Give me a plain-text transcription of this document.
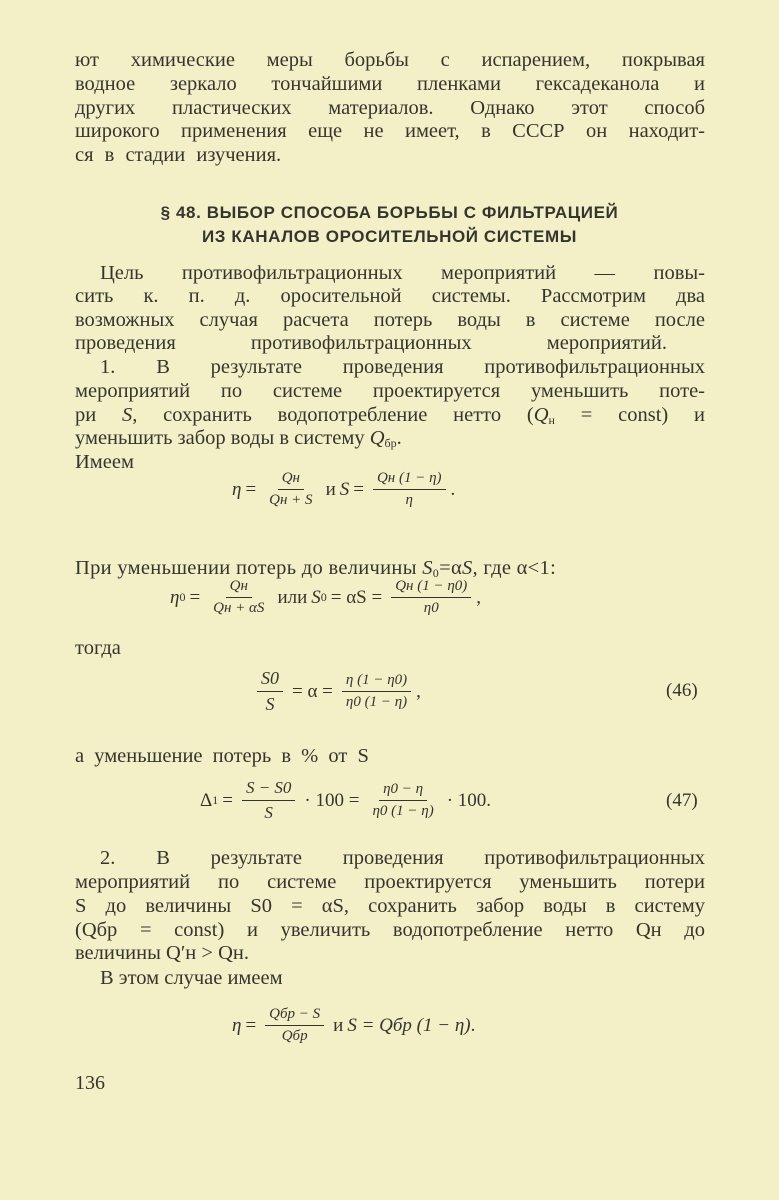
ют химические меры борьбы с испарением, покрывая
водное зеркало тончайшими пленками гексадеканола и
других пластических материалов. Однако этот способ
широкого применения еще не имеет, в СССР он находит-
ся в стадии изучения.
§ 48. ВЫБОР СПОСОБА БОРЬБЫ С ФИЛЬТРАЦИЕЙ
ИЗ КАНАЛОВ ОРОСИТЕЛЬНОЙ СИСТЕМЫ
Цель противофильтрационных мероприятий — повы-
сить к. п. д. оросительной системы. Рассмотрим два
возможных случая расчета потерь воды в системе после
проведения противофильтрационных мероприятий.
1. В результате проведения противофильтрационных
мероприятий по системе проектируется уменьшить поте-
ри S, сохранить водопотребление нетто ($Q_н$ = const) и
уменьшить забор воды в систему $Q_{бр}$.
Имеем
$\eta = \frac{Qн}{Qн + S}$ и $S = \frac{Qн (1 - \eta)}{\eta}$ .
При уменьшении потерь до величины $S_0=\alpha S$, где α<1:
η $0 = \frac{Qн}{Qн + \alpha S}$ или S $0 = \alpha S = \frac{Qн (1 - \eta 0)}{\eta 0}$ ,
тогда
$\frac{S0}{S} = \alpha = \frac{\eta (1 - \eta 0)}{\eta 0 (1 - \eta)}$ ,	(46)
а уменьшение потерь в % от S
Δ $1 = \frac{S - S0}{S} \cdot 100 = \frac{\eta 0 - \eta}{\eta 0 (1 - \eta)} \cdot 100$.	(47)
2. В результате проведения противофильтрационных
мероприятий по системе проектируется уменьшить потери
S до величины S0 = αS, сохранить забор воды в систему
(Qбр = const) и увеличить водопотребление нетто Qн до
величины Q′н > Qн.
В этом случае имеем
$\eta = \frac{\text{Qбр − S}}{\text{Qбр}}$ и S = Qбр (1 − η) .
136
